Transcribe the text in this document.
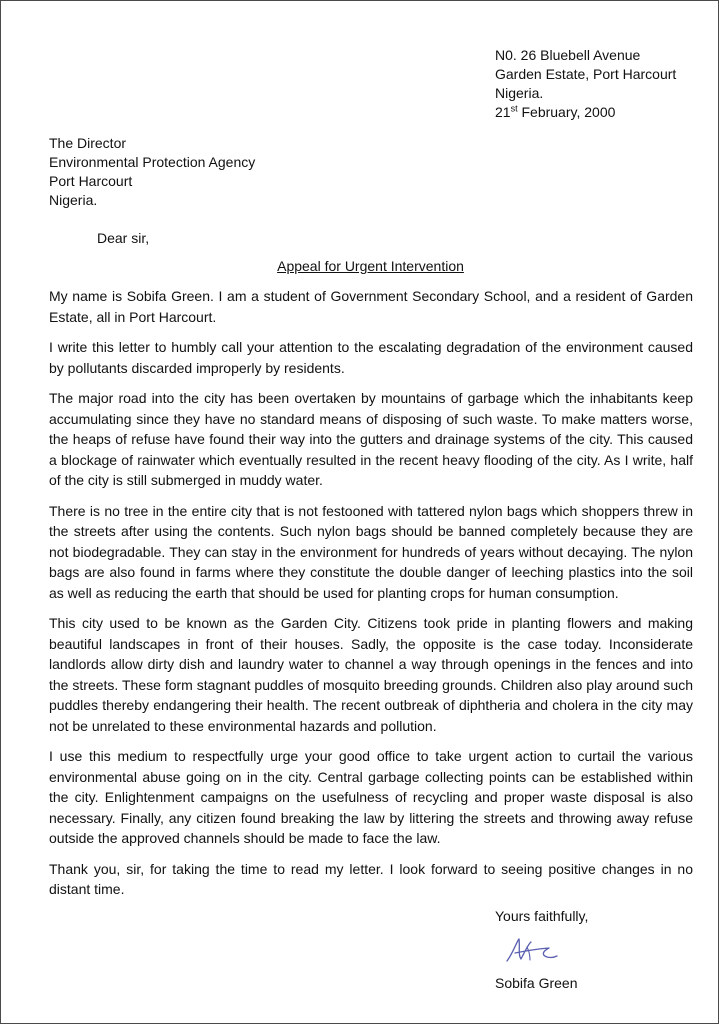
N0. 26 Bluebell Avenue
Garden Estate, Port Harcourt
Nigeria.
21st February, 2000
The Director
Environmental Protection Agency
Port Harcourt
Nigeria.
Dear sir,
Appeal for Urgent Intervention

My name is Sobifa Green. I am a student of Government Secondary School, and a resident of Garden Estate, all in Port Harcourt.

I write this letter to humbly call your attention to the escalating degradation of the environment caused by pollutants discarded improperly by residents.

The major road into the city has been overtaken by mountains of garbage which the inhabitants keep accumulating since they have no standard means of disposing of such waste. To make matters worse, the heaps of refuse have found their way into the gutters and drainage systems of the city. This caused a blockage of rainwater which eventually resulted in the recent heavy flooding of the city. As I write, half of the city is still submerged in muddy water.

There is no tree in the entire city that is not festooned with tattered nylon bags which shoppers threw in the streets after using the contents. Such nylon bags should be banned completely because they are not biodegradable. They can stay in the environment for hundreds of years without decaying. The nylon bags are also found in farms where they constitute the double danger of leeching plastics into the soil as well as reducing the earth that should be used for planting crops for human consumption.

This city used to be known as the Garden City. Citizens took pride in planting flowers and making beautiful landscapes in front of their houses. Sadly, the opposite is the case today. Inconsiderate landlords allow dirty dish and laundry water to channel a way through openings in the fences and into the streets. These form stagnant puddles of mosquito breeding grounds. Children also play around such puddles thereby endangering their health. The recent outbreak of diphtheria and cholera in the city may not be unrelated to these environmental hazards and pollution.

I use this medium to respectfully urge your good office to take urgent action to curtail the various environmental abuse going on in the city. Central garbage collecting points can be established within the city. Enlightenment campaigns on the usefulness of recycling and proper waste disposal is also necessary. Finally, any citizen found breaking the law by littering the streets and throwing away refuse outside the approved channels should be made to face the law.

Thank you, sir, for taking the time to read my letter. I look forward to seeing positive changes in no distant time.

Yours faithfully,
Sobifa Green
